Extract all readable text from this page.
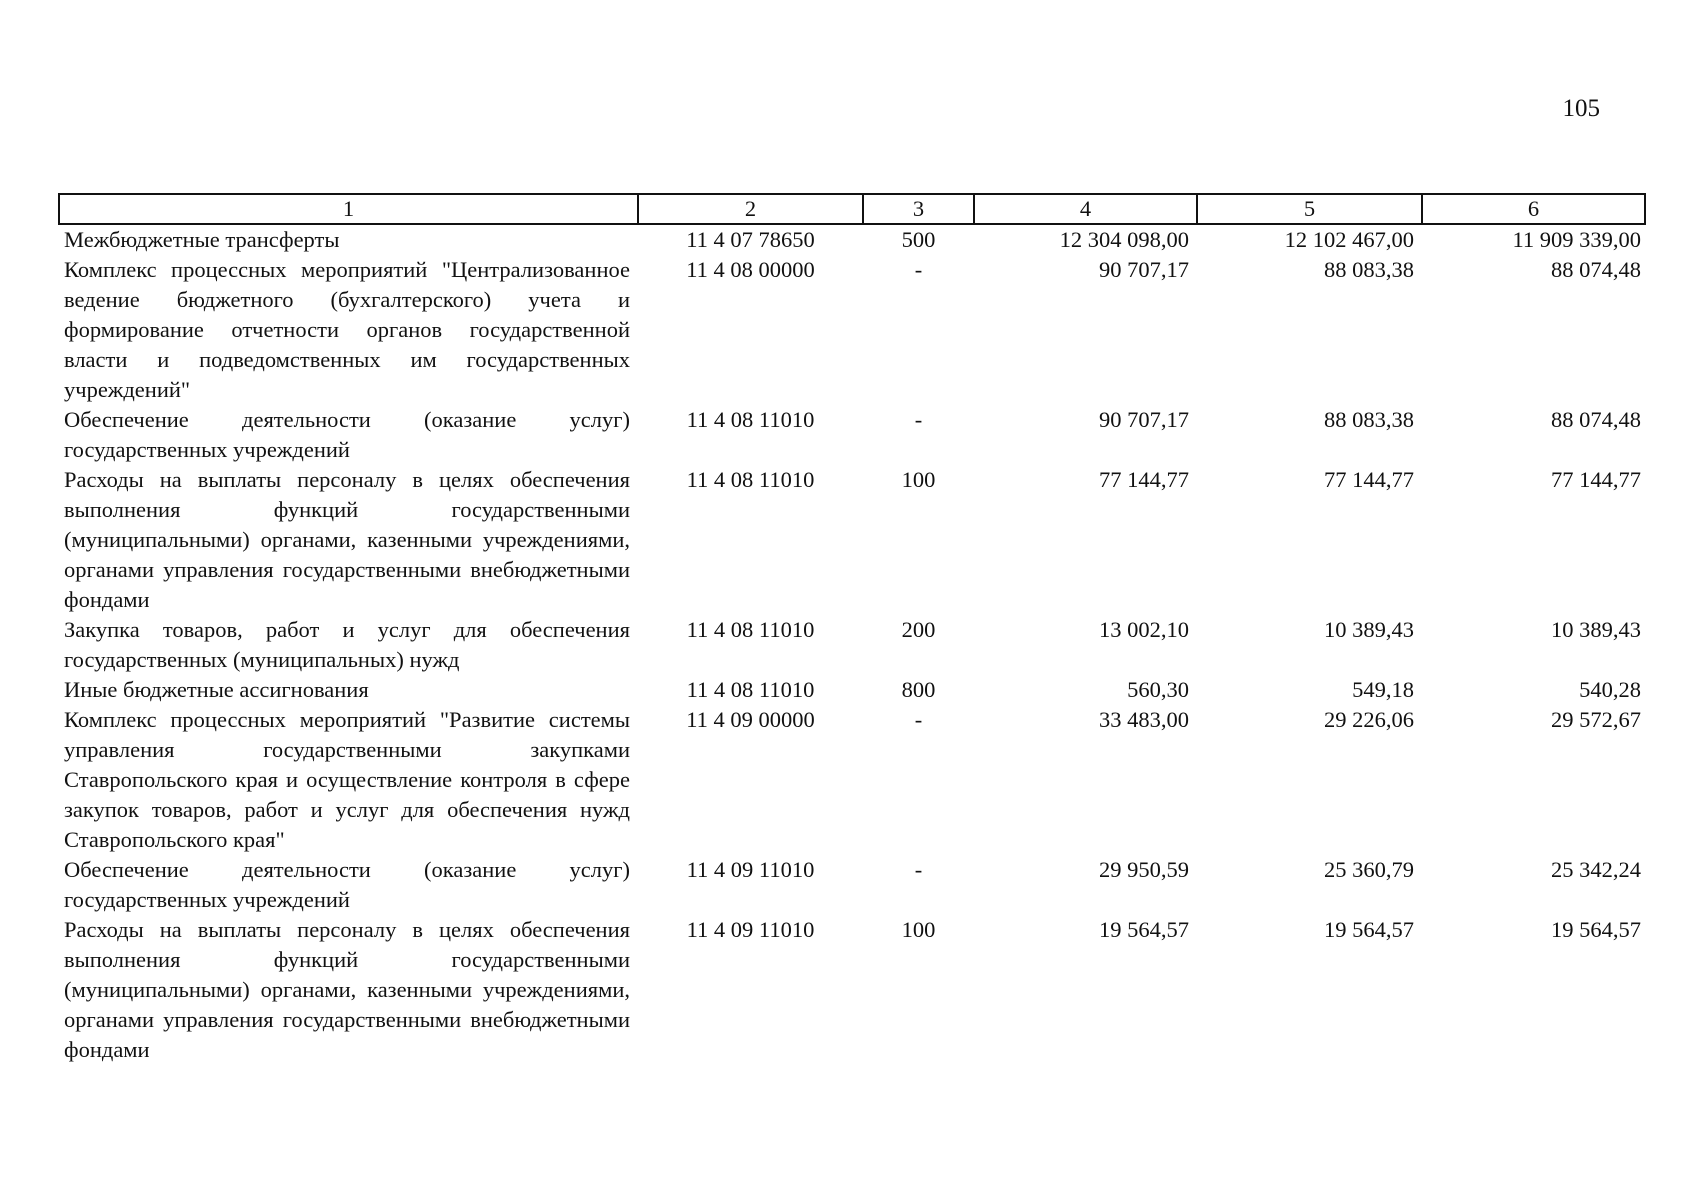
105
1	2	3	4	5	6
Межбюджетные трансферты	11 4 07 78650	500	12 304 098,00	12 102 467,00	11 909 339,00
Комплекс процессных мероприятий "Централизованное ведение бюджетного (бухгалтерского) учета и формирование отчетности органов государственной власти и подведомственных им государственных учреждений"	11 4 08 00000	-	90 707,17	88 083,38	88 074,48
Обеспечение деятельности (оказание услуг) государственных учреждений	11 4 08 11010	-	90 707,17	88 083,38	88 074,48
Расходы на выплаты персоналу в целях обеспечения выполнения функций государственными (муниципальными) органами, казенными учреждениями, органами управления государственными внебюджетными фондами	11 4 08 11010	100	77 144,77	77 144,77	77 144,77
Закупка товаров, работ и услуг для обеспечения государственных (муниципальных) нужд	11 4 08 11010	200	13 002,10	10 389,43	10 389,43
Иные бюджетные ассигнования	11 4 08 11010	800	560,30	549,18	540,28
Комплекс процессных мероприятий "Развитие системы управления государственными закупками Ставропольского края и осуществление контроля в сфере закупок товаров, работ и услуг для обеспечения нужд Ставропольского края"	11 4 09 00000	-	33 483,00	29 226,06	29 572,67
Обеспечение деятельности (оказание услуг) государственных учреждений	11 4 09 11010	-	29 950,59	25 360,79	25 342,24
Расходы на выплаты персоналу в целях обеспечения выполнения функций государственными (муниципальными) органами, казенными учреждениями, органами управления государственными внебюджетными фондами	11 4 09 11010	100	19 564,57	19 564,57	19 564,57
